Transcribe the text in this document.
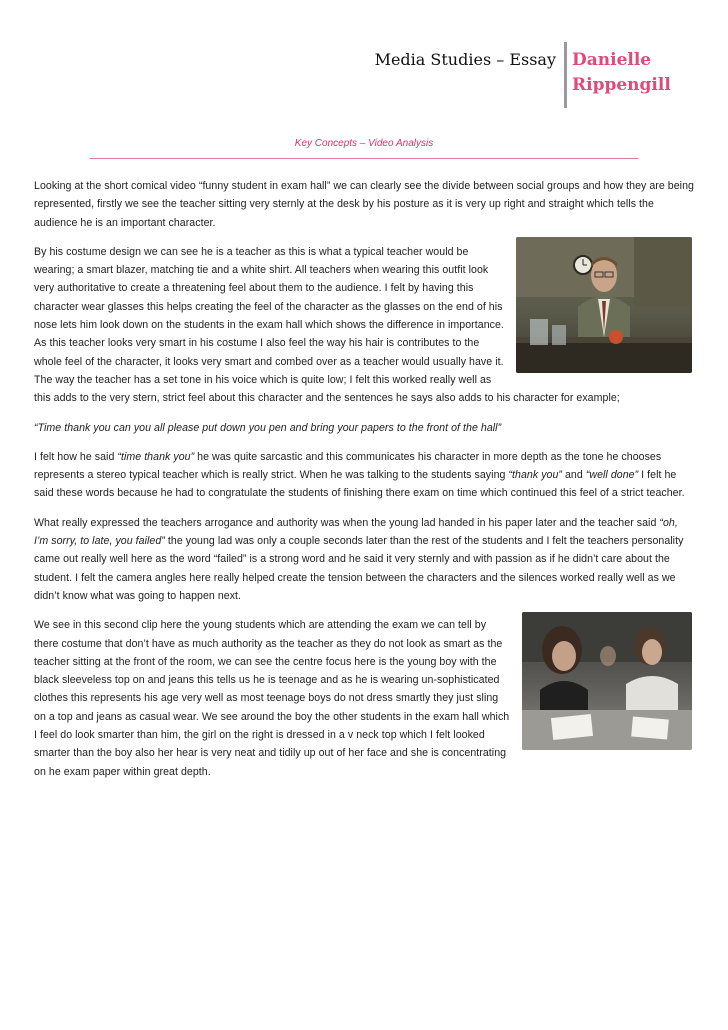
Media Studies – Essay Danielle
Rippengill
Key Concepts – Video Analysis

Looking at the short comical video “funny student in exam hall” we can clearly see the divide between social groups and how they are being represented, firstly we see the teacher sitting very sternly at the desk by his posture as it is very up right and straight which tells the audience he is an important character.

By his costume design we can see he is a teacher as this is what a typical teacher would be wearing; a smart blazer, matching tie and a white shirt. All teachers when wearing this outfit look very authoritative to create a threatening feel about them to the audience. I felt by having this character wear glasses this helps creating the feel of the character as the glasses on the end of his nose lets him look down on the students in the exam hall which shows the difference in importance. As this teacher looks very smart in his costume I also feel the way his hair is contributes to the whole feel of the character, it looks very smart and combed over as a teacher would usually have it. The way the teacher has a set tone in his voice which is quite low; I felt this worked really well as this adds to the very stern, strict feel about this character and the sentences he says also adds to his character for example;

“Time thank you can you all please put down you pen and bring your papers to the front of the hall”

I felt how he said “time thank you” he was quite sarcastic and this communicates his character in more depth as the tone he chooses represents a stereo typical teacher which is really strict. When he was talking to the students saying “thank you” and “well done” I felt he said these words because he had to congratulate the students of finishing there exam on time which continued this feel of a strict teacher.

What really expressed the teachers arrogance and authority was when the young lad handed in his paper later and the teacher said “oh, I’m sorry, to late, you failed” the young lad was only a couple seconds later than the rest of the students and I felt the teachers personality came out really well here as the word “failed” is a strong word and he said it very sternly and with passion as if he didn’t care about the student. I felt the camera angles here really helped create the tension between the characters and the silences worked really well as we didn’t know what was going to happen next.

We see in this second clip here the young students which are attending the exam we can tell by there costume that don’t have as much authority as the teacher as they do not look as smart as the teacher sitting at the front of the room, we can see the centre focus here is the young boy with the black sleeveless top on and jeans this tells us he is teenage and as he is wearing un-sophisticated clothes this represents his age very well as most teenage boys do not dress smartly they just sling on a top and jeans as casual wear. We see around the boy the other students in the exam hall which I feel do look smarter than him, the girl on the right is dressed in a v neck top which I felt looked smarter than the boy also her hear is very neat and tidily up out of her face and she is concentrating on he exam paper within great depth.
